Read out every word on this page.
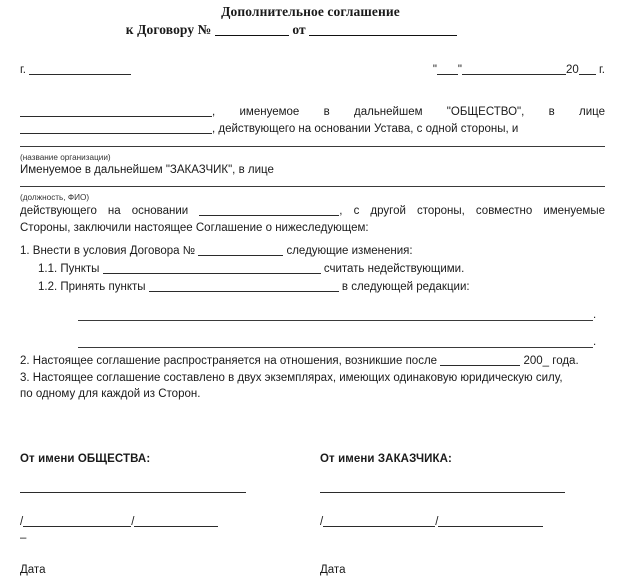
Дополнительное соглашение
к Договору №	от
г.	" "	20 г.
, именуемое в дальнейшем "ОБЩЕСТВО", в лице
, действующего на основании Устава, с одной стороны, и
(название организации)
Именуемое в дальнейшем "ЗАКАЗЧИК", в лице
(должность, ФИО)
действующего на основании	, с другой стороны, совместно именуемые
Стороны, заключили настоящее Соглашение о нижеследующем:
1. Внести в условия Договора №	следующие изменения:
1.1. Пункты	считать недействующими.
1.2. Принять пункты	в следующей редакции:
.
.
2. Настоящее соглашение распространяется на отношения, возникшие после	200_ года.
3. Настоящее соглашение составлено в двух экземплярах, имеющих одинаковую юридическую силу,
по одному для каждой из Сторон.
От имени ОБЩЕСТВА:
/	/
–
Дата
От имени ЗАКАЗЧИКА:
/	/
Дата
